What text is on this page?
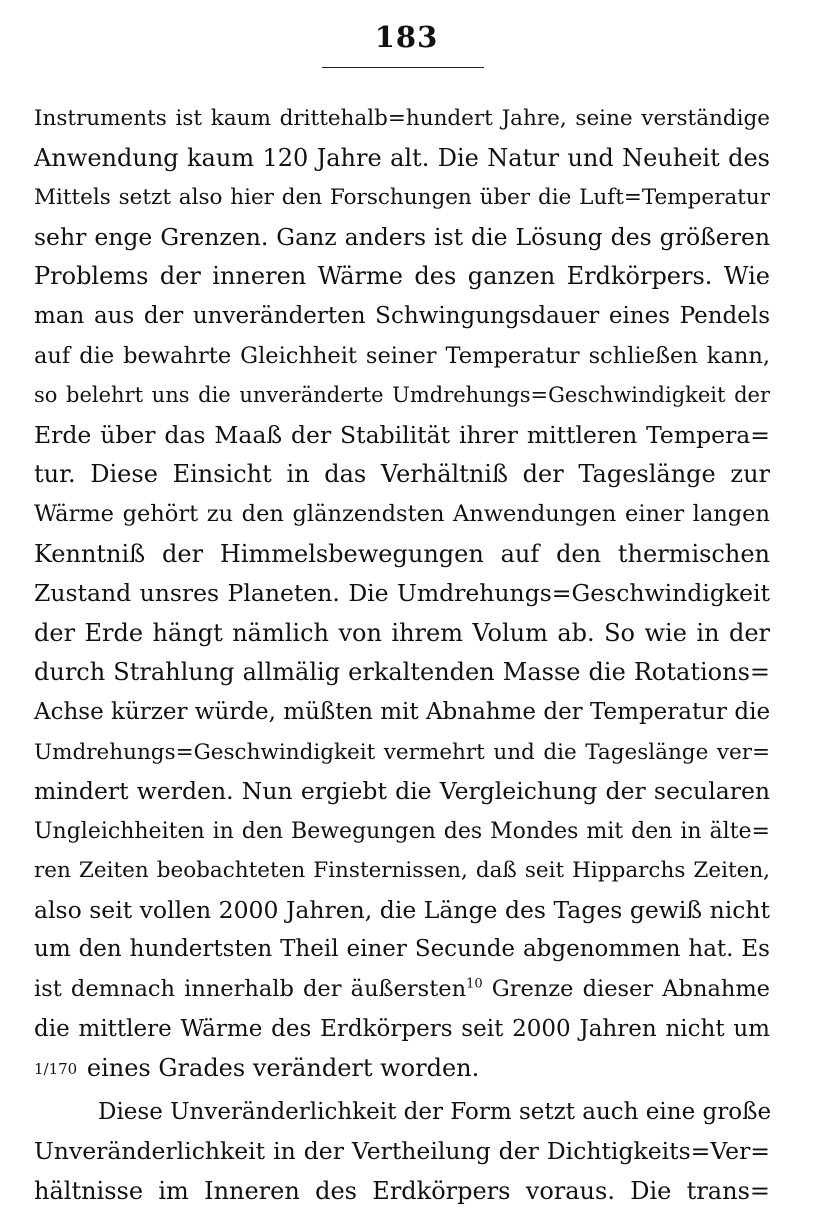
183
Instruments ist kaum drittehalb=hundert Jahre, seine verständige
Anwendung kaum 120 Jahre alt. Die Natur und Neuheit des
Mittels setzt also hier den Forschungen über die Luft=Temperatur
sehr enge Grenzen. Ganz anders ist die Lösung des größeren
Problems der inneren Wärme des ganzen Erdkörpers. Wie
man aus der unveränderten Schwingungsdauer eines Pendels
auf die bewahrte Gleichheit seiner Temperatur schließen kann,
so belehrt uns die unveränderte Umdrehungs=Geschwindigkeit der
Erde über das Maaß der Stabilität ihrer mittleren Tempera=
tur. Diese Einsicht in das Verhältniß der Tageslänge zur
Wärme gehört zu den glänzendsten Anwendungen einer langen
Kenntniß der Himmelsbewegungen auf den thermischen
Zustand unsres Planeten. Die Umdrehungs=Geschwindigkeit
der Erde hängt nämlich von ihrem Volum ab. So wie in der
durch Strahlung allmälig erkaltenden Masse die Rotations=
Achse kürzer würde, müßten mit Abnahme der Temperatur die
Umdrehungs=Geschwindigkeit vermehrt und die Tageslänge ver=
mindert werden. Nun ergiebt die Vergleichung der secularen
Ungleichheiten in den Bewegungen des Mondes mit den in älte=
ren Zeiten beobachteten Finsternissen, daß seit Hipparchs Zeiten,
also seit vollen 2000 Jahren, die Länge des Tages gewiß nicht
um den hundertsten Theil einer Secunde abgenommen hat. Es
ist demnach innerhalb der äußersten$^{10}$ Grenze dieser Abnahme
die mittlere Wärme des Erdkörpers seit 2000 Jahren nicht um
1/170 eines Grades verändert worden.
Diese Unveränderlichkeit der Form setzt auch eine große
Unveränderlichkeit in der Vertheilung der Dichtigkeits=Ver=
hältnisse im Inneren des Erdkörpers voraus. Die trans=
